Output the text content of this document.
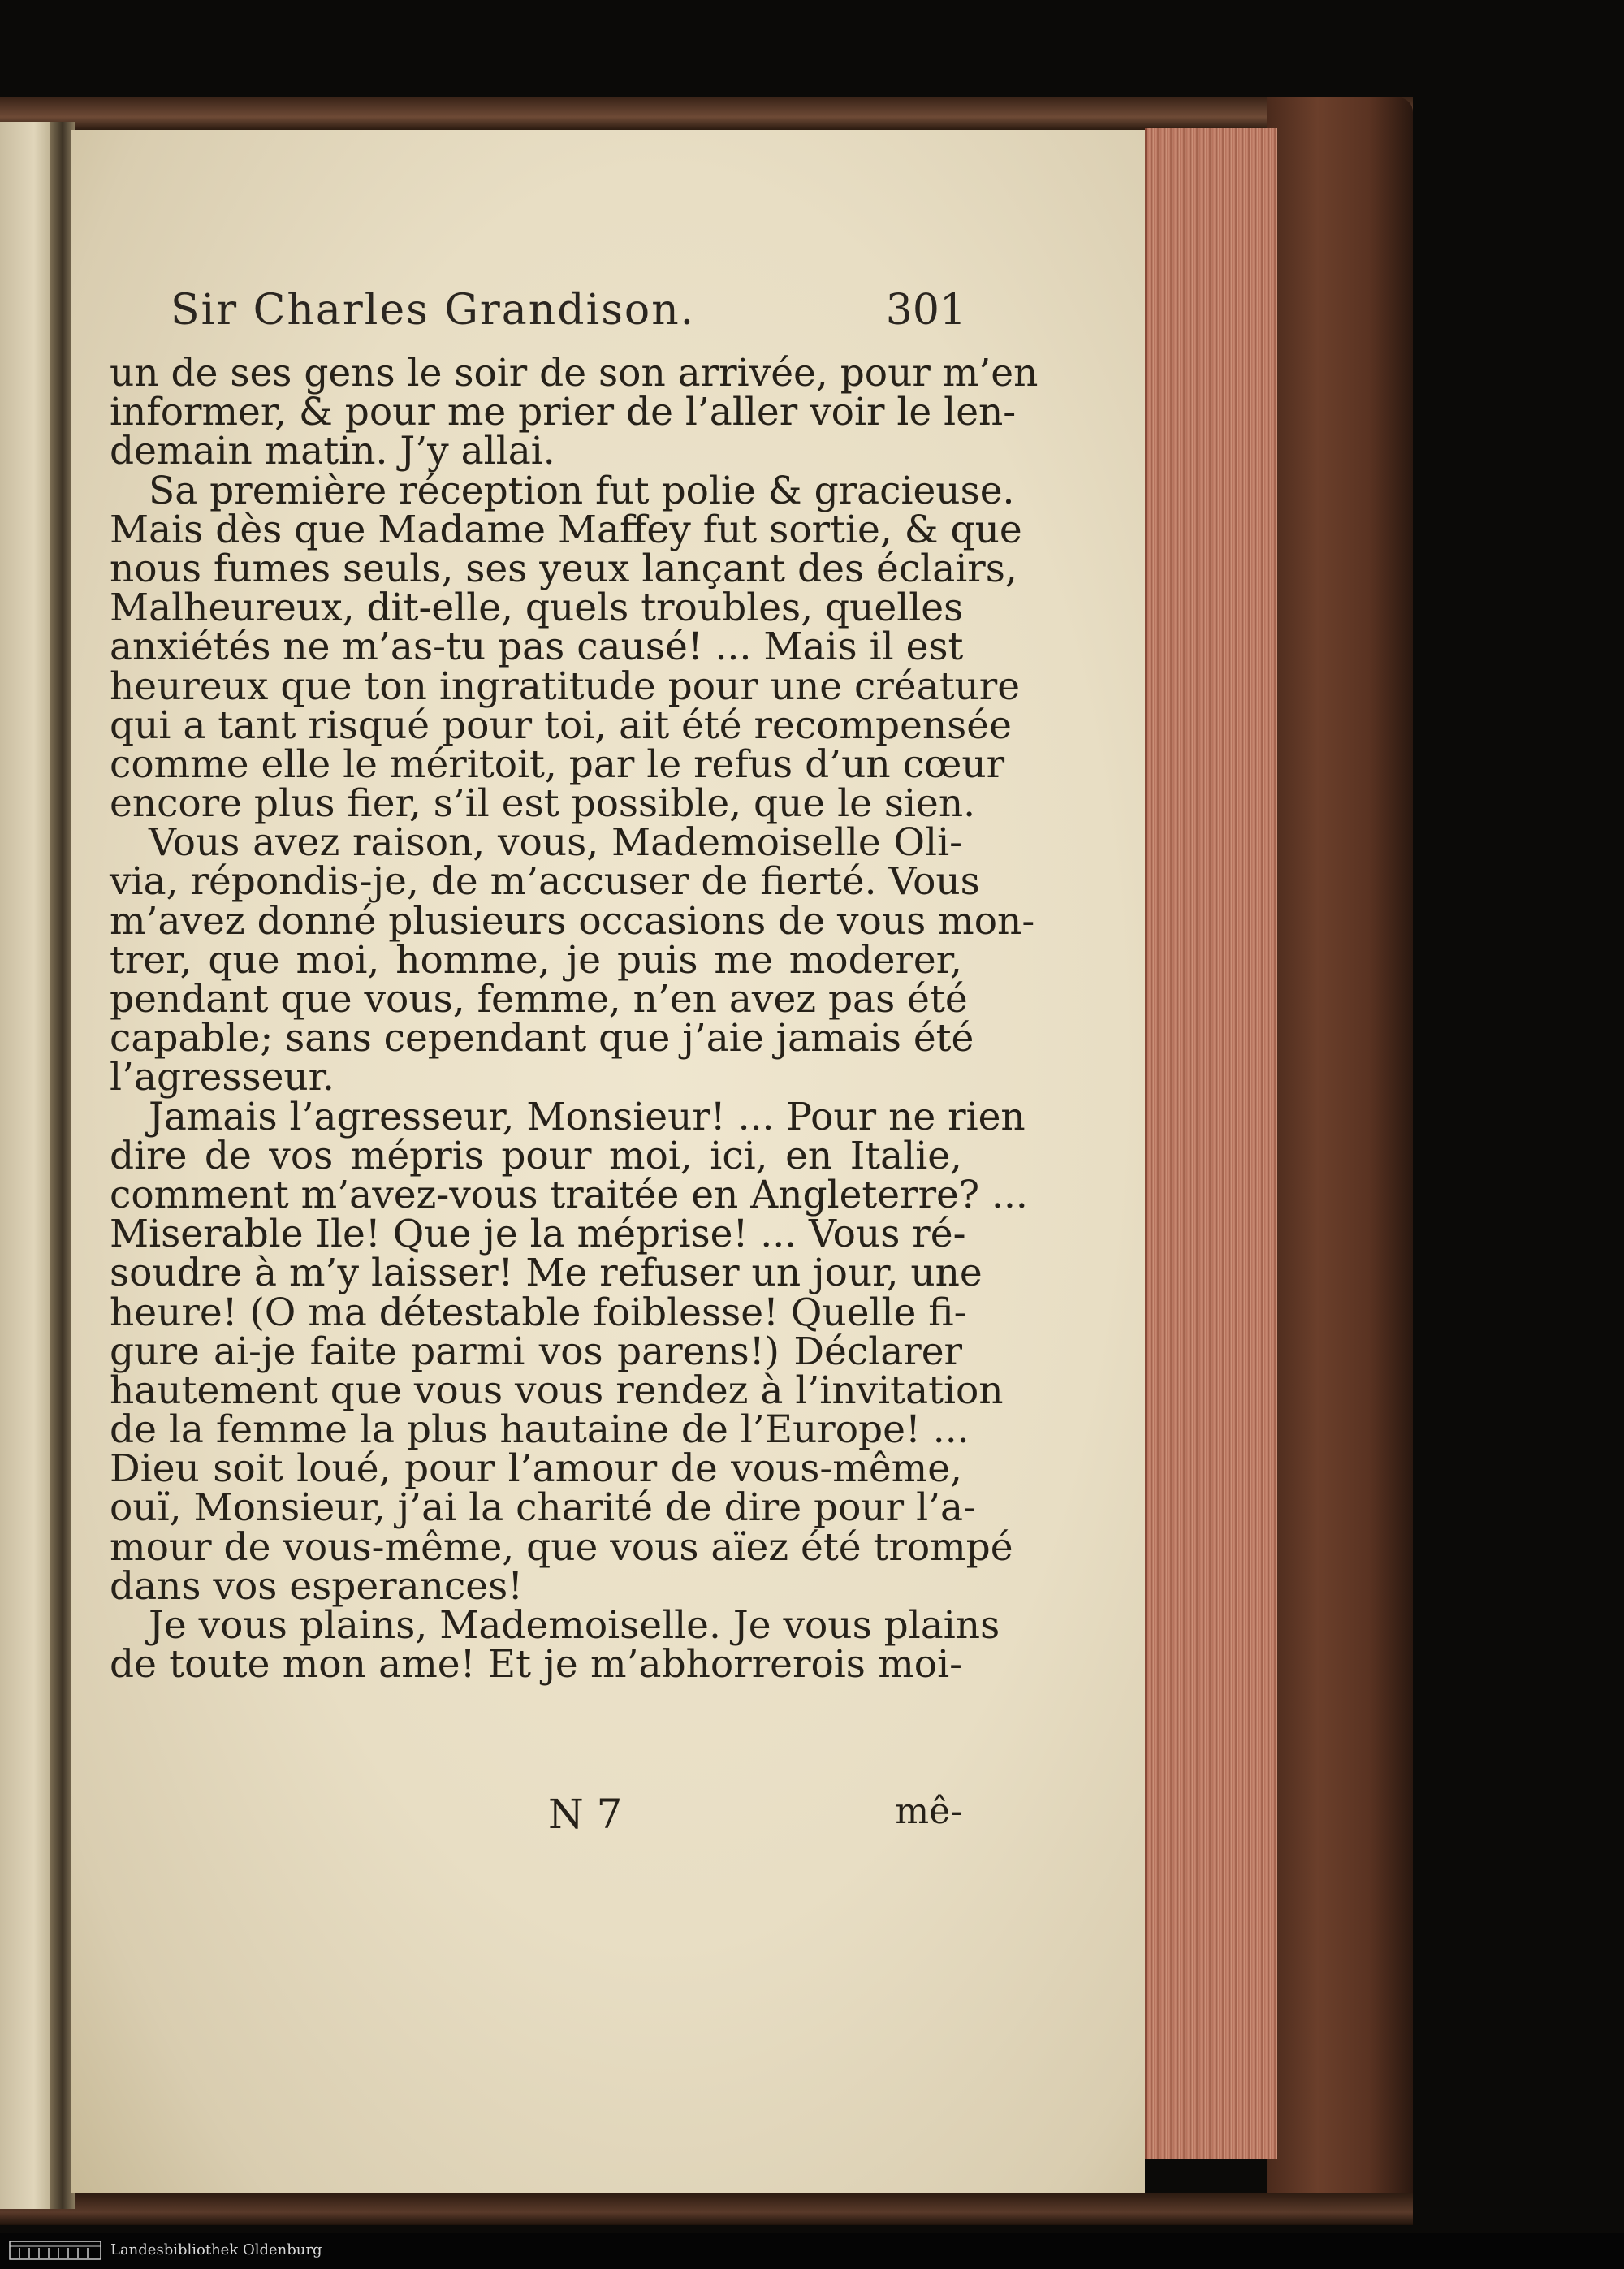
Sir Charles Grandison.	301
un de ses gens le soir de son arrivée, pour m’en
informer, & pour me prier de l’aller voir le len-
demain matin. J’y allai.
Sa première réception fut polie & gracieuse.
Mais dès que Madame Maffey fut sortie, & que
nous fumes seuls, ses yeux lançant des éclairs,
Malheureux, dit-elle, quels troubles, quelles
anxiétés ne m’as-tu pas causé! ... Mais il est
heureux que ton ingratitude pour une créature
qui a tant risqué pour toi, ait été recompensée
comme elle le méritoit, par le refus d’un cœur
encore plus fier, s’il est possible, que le sien.
Vous avez raison, vous, Mademoiselle Oli-
via, répondis-je, de m’accuser de fierté. Vous
m’avez donné plusieurs occasions de vous mon-
trer, que moi, homme, je puis me moderer,
pendant que vous, femme, n’en avez pas été
capable; sans cependant que j’aie jamais été
l’agresseur.
Jamais l’agresseur, Monsieur! ... Pour ne rien
dire de vos mépris pour moi, ici, en Italie,
comment m’avez-vous traitée en Angleterre? ...
Miserable Ile! Que je la méprise! ... Vous ré-
soudre à m’y laisser! Me refuser un jour, une
heure! (O ma détestable foiblesse! Quelle fi-
gure ai-je faite parmi vos parens!) Déclarer
hautement que vous vous rendez à l’invitation
de la femme la plus hautaine de l’Europe! ...
Dieu soit loué, pour l’amour de vous-même,
ouï, Monsieur, j’ai la charité de dire pour l’a-
mour de vous-même, que vous aïez été trompé
dans vos esperances!
Je vous plains, Mademoiselle. Je vous plains
de toute mon ame! Et je m’abhorrerois moi-
N 7	mê-
Landesbibliothek Oldenburg
